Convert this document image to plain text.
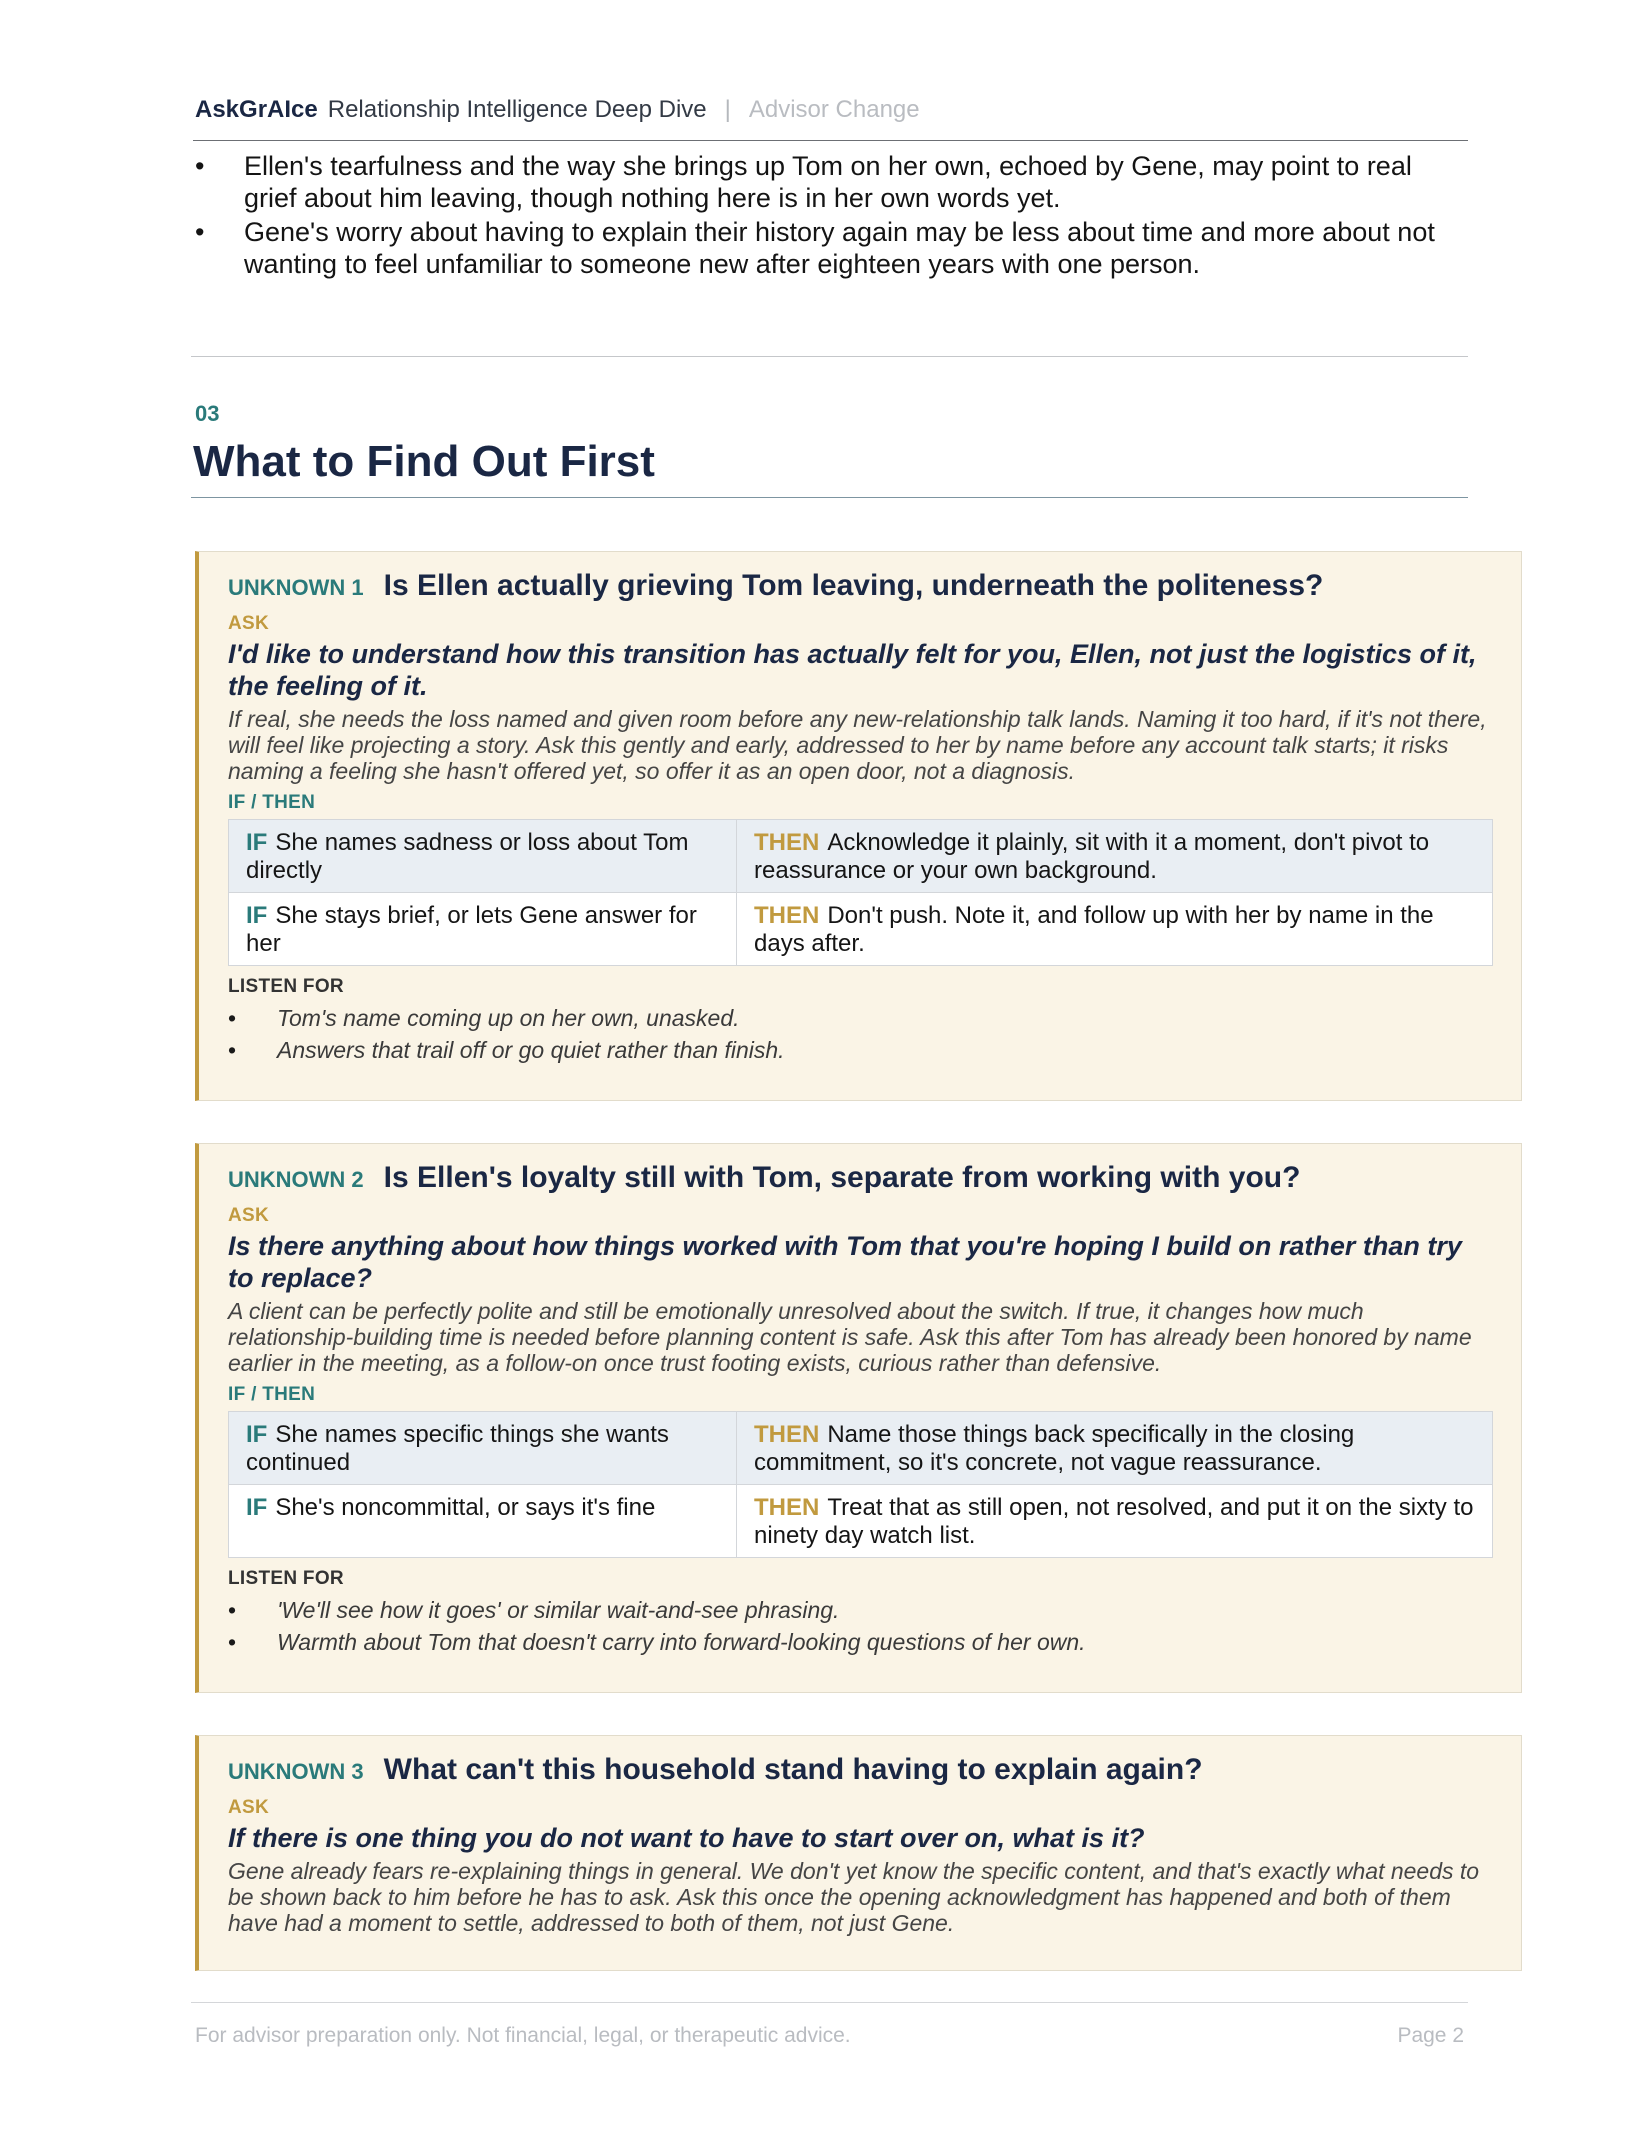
AskGrAIce Relationship Intelligence Deep Dive | Advisor Change
• Ellen's tearfulness and the way she brings up Tom on her own, echoed by Gene, may point to real grief about him leaving, though nothing here is in her own words yet.
• Gene's worry about having to explain their history again may be less about time and more about not wanting to feel unfamiliar to someone new after eighteen years with one person.
03
What to Find Out First
UNKNOWN 1 Is Ellen actually grieving Tom leaving, underneath the politeness?
ASK
I'd like to understand how this transition has actually felt for you, Ellen, not just the logistics of it, the feeling of it.
If real, she needs the loss named and given room before any new-relationship talk lands. Naming it too hard, if it's not there, will feel like projecting a story. Ask this gently and early, addressed to her by name before any account talk starts; it risks naming a feeling she hasn't offered yet, so offer it as an open door, not a diagnosis.
IF / THEN
IF She names sadness or loss about Tom directly	THEN Acknowledge it plainly, sit with it a moment, don't pivot to reassurance or your own background.
IF She stays brief, or lets Gene answer for her	THEN Don't push. Note it, and follow up with her by name in the days after.
LISTEN FOR
• Tom's name coming up on her own, unasked.
• Answers that trail off or go quiet rather than finish.
UNKNOWN 2 Is Ellen's loyalty still with Tom, separate from working with you?
ASK
Is there anything about how things worked with Tom that you're hoping I build on rather than try to replace?
A client can be perfectly polite and still be emotionally unresolved about the switch. If true, it changes how much relationship-building time is needed before planning content is safe. Ask this after Tom has already been honored by name earlier in the meeting, as a follow-on once trust footing exists, curious rather than defensive.
IF / THEN
IF She names specific things she wants continued	THEN Name those things back specifically in the closing commitment, so it's concrete, not vague reassurance.
IF She's noncommittal, or says it's fine	THEN Treat that as still open, not resolved, and put it on the sixty to ninety day watch list.
LISTEN FOR
• 'We'll see how it goes' or similar wait-and-see phrasing.
• Warmth about Tom that doesn't carry into forward-looking questions of her own.
UNKNOWN 3 What can't this household stand having to explain again?
ASK
If there is one thing you do not want to have to start over on, what is it?
Gene already fears re-explaining things in general. We don't yet know the specific content, and that's exactly what needs to be shown back to him before he has to ask. Ask this once the opening acknowledgment has happened and both of them have had a moment to settle, addressed to both of them, not just Gene.
For advisor preparation only. Not financial, legal, or therapeutic advice.	Page 2
